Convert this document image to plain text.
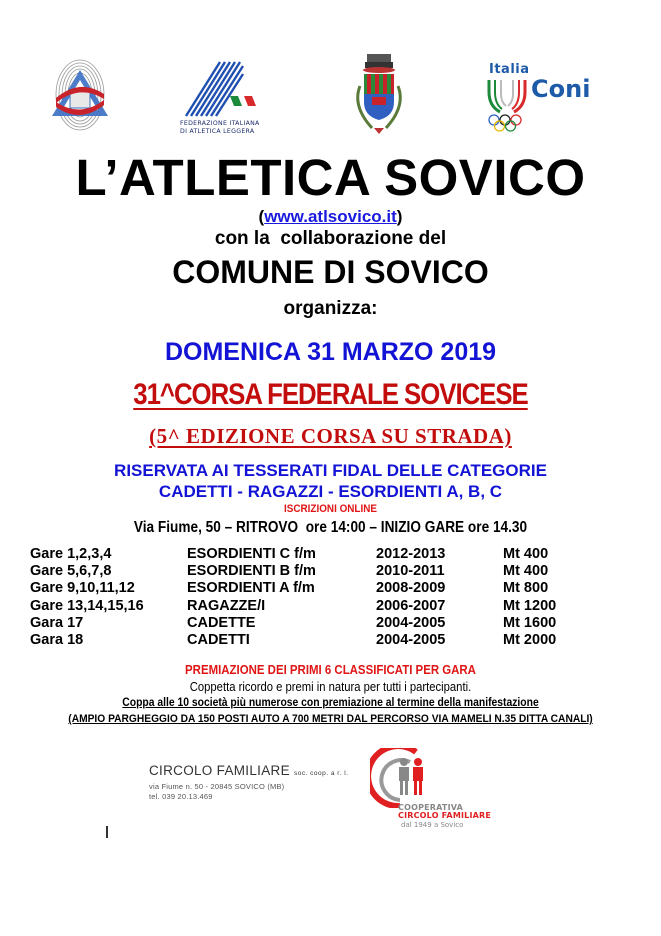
FEDERAZIONE ITALIANA
DI ATLETICA LEGGERA
Italia
Coni
L’ATLETICA SOVICO
(www.atlsovico.it)
con la  collaborazione del
COMUNE DI SOVICO
organizza:
DOMENICA 31 MARZO 2019
31^CORSA FEDERALE SOVICESE
(5^ EDIZIONE CORSA SU STRADA)
RISERVATA AI TESSERATI FIDAL DELLE CATEGORIE
CADETTI - RAGAZZI - ESORDIENTI A, B, C
ISCRIZIONI ONLINE
Via Fiume, 50 – RITROVO  ore 14:00 – INIZIO GARE ore 14.30
Gare 1,2,3,4	ESORDIENTI C f/m	2012-2013	Mt 400
Gare 5,6,7,8	ESORDIENTI B f/m	2010-2011	Mt 400
Gare 9,10,11,12	ESORDIENTI A f/m	2008-2009	Mt 800
Gare 13,14,15,16	RAGAZZE/I	2006-2007	Mt 1200
Gara 17	CADETTE	2004-2005	Mt 1600
Gara 18	CADETTI	2004-2005	Mt 2000
PREMIAZIONE DEI PRIMI 6 CLASSIFICATI PER GARA
Coppetta ricordo e premi in natura per tutti i partecipanti.
Coppa alle 10 società più numerose con premiazione al termine della manifestazione
(AMPIO PARGHEGGIO DA 150 POSTI AUTO A 700 METRI DAL PERCORSO VIA MAMELI N.35 DITTA CANALI)
CIRCOLO FAMILIARE soc. coop. a r. l.
via Fiume n. 50 - 20845 SOVICO (MB)
tel. 039 20.13.469
COOPERATIVA
CIRCOLO FAMILIARE
dal 1949 a Sovico
